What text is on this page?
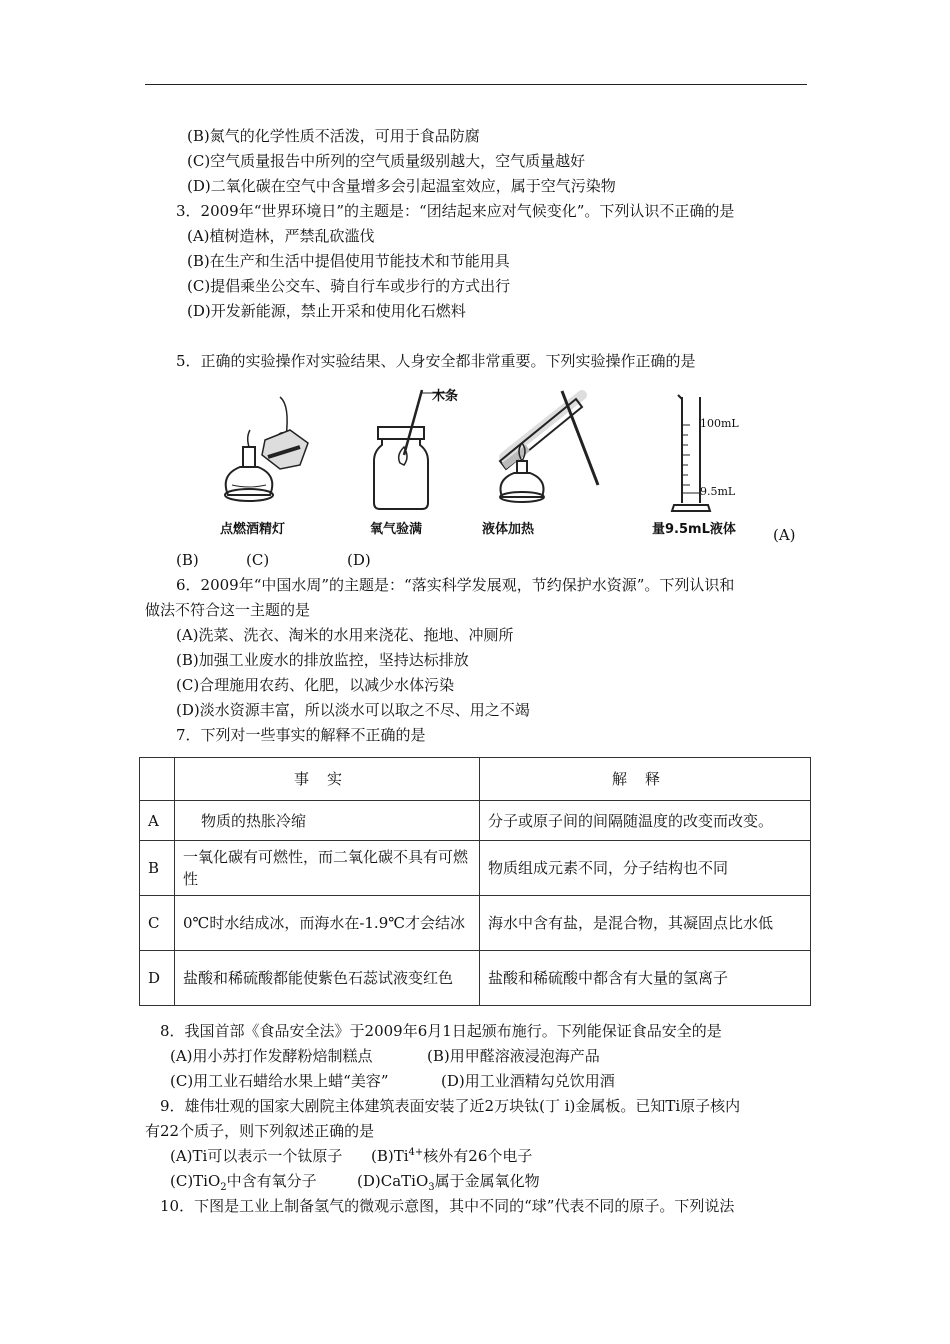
(B)氮气的化学性质不活泼，可用于食品防腐
(C)空气质量报告中所列的空气质量级别越大，空气质量越好
(D)二氧化碳在空气中含量增多会引起温室效应，属于空气污染物
3．2009年“世界环境日”的主题是：“团结起来应对气候变化”。下列认识不正确的是
(A)植树造林，严禁乱砍滥伐
(B)在生产和生活中提倡使用节能技术和节能用具
(C)提倡乘坐公交车、骑自行车或步行的方式出行
(D)开发新能源，禁止开采和使用化石燃料
5．正确的实验操作对实验结果、人身安全都非常重要。下列实验操作正确的是
木条
100mL
9.5mL
点燃酒精灯	氧气验满	液体加热	量9.5mL液体 (A)
(B)	(C)	(D)
6．2009年“中国水周”的主题是：“落实科学发展观，节约保护水资源”。下列认识和
做法不符合这一主题的是
(A)洗菜、洗衣、淘米的水用来浇花、拖地、冲厕所
(B)加强工业废水的排放监控，坚持达标排放
(C)合理施用农药、化肥，以减少水体污染
(D)淡水资源丰富，所以淡水可以取之不尽、用之不竭
7．下列对一些事实的解释不正确的是
	事实	解释
A	物质的热胀冷缩	分子或原子间的间隔随温度的改变而改变。
B	一氧化碳有可燃性，而二氧化碳不具有可燃性	物质组成元素不同，分子结构也不同
C	0℃时水结成冰，而海水在-1.9℃才会结冰	海水中含有盐，是混合物，其凝固点比水低
D	盐酸和稀硫酸都能使紫色石蕊试液变红色	盐酸和稀硫酸中都含有大量的氢离子
8．我国首部《食品安全法》于2009年6月1日起颁布施行。下列能保证食品安全的是
(A)用小苏打作发酵粉焙制糕点	(B)用甲醛溶液浸泡海产品
(C)用工业石蜡给水果上蜡“美容”	(D)用工业酒精勾兑饮用酒
9．雄伟壮观的国家大剧院主体建筑表面安装了近2万块钛(丁 i)金属板。已知Ti原子核内
有22个质子，则下列叙述正确的是
(A)Ti可以表示一个钛原子 $(B)Ti^{4+}$核外有26个电子
(C)TiO$_2$中含有氧分子	(D)CaTiO$_3$属于金属氧化物
10．下图是工业上制备氢气的微观示意图，其中不同的“球”代表不同的原子。下列说法
